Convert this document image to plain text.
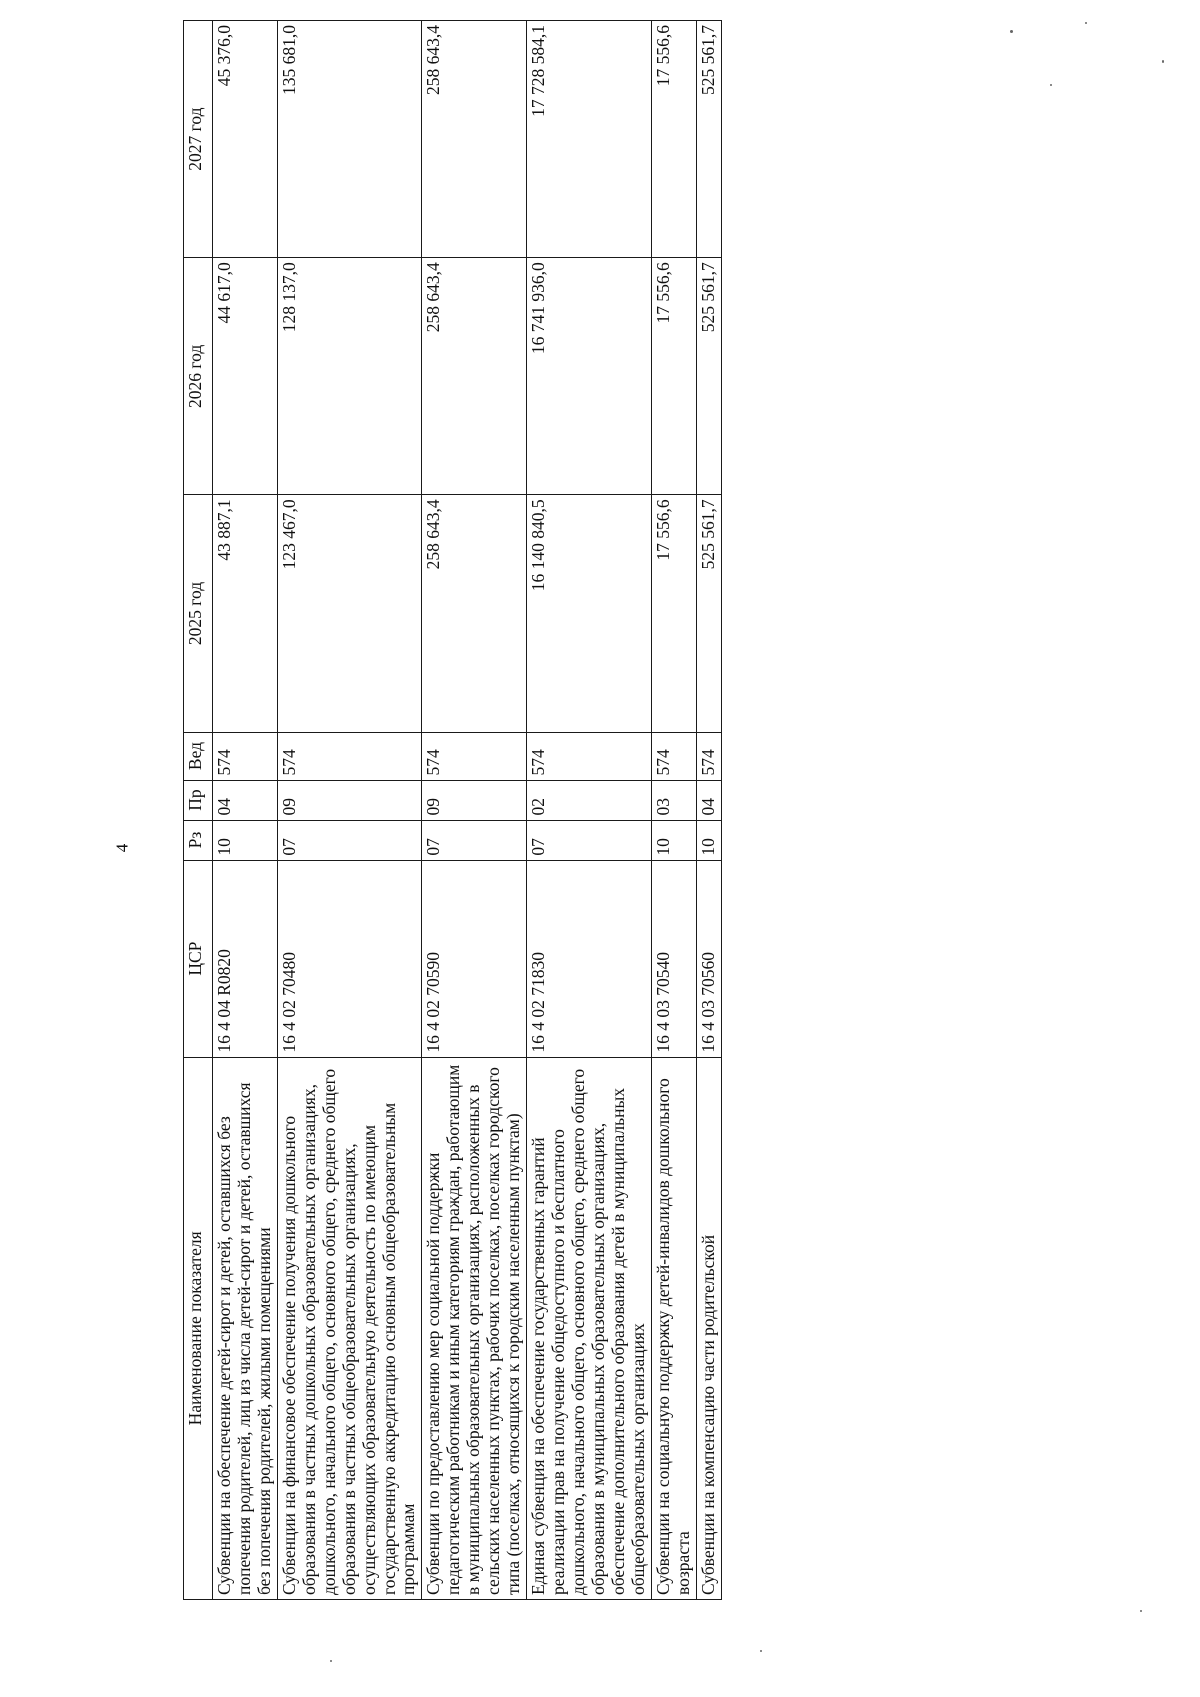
4
Наименование показателя	ЦСР	Рз	Пр	Вед	2025 год	2026 год	2027 год
Субвенции на обеспечение детей-сирот и детей, оставшихся без попечения родителей, лиц из числа детей-сирот и детей, оставшихся без попечения родителей, жилыми помещениями	16 4 04 R0820	10	04	574	43 887,1	44 617,0	45 376,0
Субвенции на финансовое обеспечение получения дошкольного образования в частных дошкольных образовательных организациях, дошкольного, начального общего, основного общего, среднего общего образования в частных общеобразовательных организациях, осуществляющих образовательную деятельность по имеющим государственную аккредитацию основным общеобразовательным программам	16 4 02 70480	07	09	574	123 467,0	128 137,0	135 681,0
Субвенции по предоставлению мер социальной поддержки педагогическим работникам и иным категориям граждан, работающим в муниципальных образовательных организациях, расположенных в сельских населенных пунктах, рабочих поселках, поселках городского типа (поселках, относящихся к городским населенным пунктам)	16 4 02 70590	07	09	574	258 643,4	258 643,4	258 643,4
Единая субвенция на обеспечение государственных гарантий реализации прав на получение общедоступного и бесплатного дошкольного, начального общего, основного общего, среднего общего образования в муниципальных образовательных организациях, обеспечение дополнительного образования детей в муниципальных общеобразовательных организациях	16 4 02 71830	07	02	574	16 140 840,5	16 741 936,0	17 728 584,1
Субвенции на социальную поддержку детей-инвалидов дошкольного возраста	16 4 03 70540	10	03	574	17 556,6	17 556,6	17 556,6
Субвенции на компенсацию части родительской	16 4 03 70560	10	04	574	525 561,7	525 561,7	525 561,7
